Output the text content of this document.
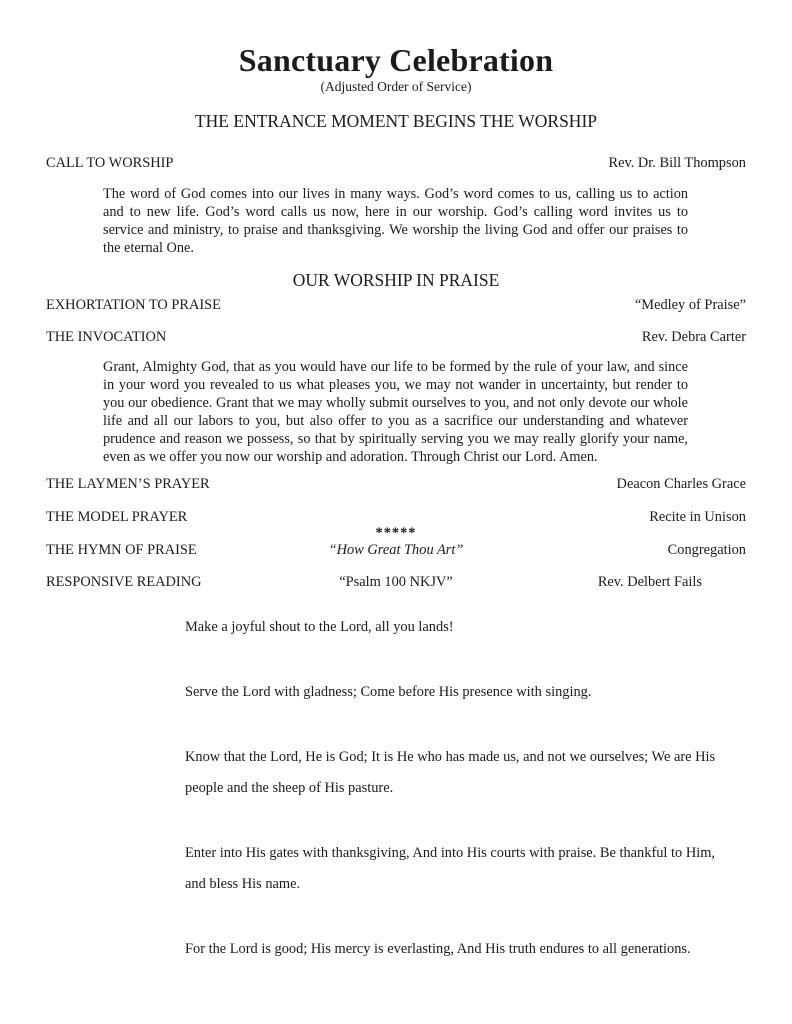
Sanctuary Celebration
(Adjusted Order of Service)
THE ENTRANCE MOMENT BEGINS THE WORSHIP
CALL TO WORSHIP	Rev. Dr. Bill Thompson
The word of God comes into our lives in many ways. God’s word comes to us, calling us to action and to new life. God’s word calls us now, here in our worship. God’s calling word invites us to service and ministry, to praise and thanksgiving. We worship the living God and offer our praises to the eternal One.
OUR WORSHIP IN PRAISE
EXHORTATION TO PRAISE	“Medley of Praise”
THE INVOCATION	Rev. Debra Carter
Grant, Almighty God, that as you would have our life to be formed by the rule of your law, and since in your word you revealed to us what pleases you, we may not wander in uncertainty, but render to you our obedience. Grant that we may wholly submit ourselves to you, and not only devote our whole life and all our labors to you, but also offer to you as a sacrifice our understanding and whatever prudence and reason we possess, so that by spiritually serving you we may really glorify your name, even as we offer you now our worship and adoration. Through Christ our Lord. Amen.
THE LAYMEN’S PRAYER	Deacon Charles Grace
THE MODEL PRAYER	Recite in Unison
*****
THE HYMN OF PRAISE	“How Great Thou Art”	Congregation
RESPONSIVE READING	“Psalm 100 NKJV”	Rev. Delbert Fails
Make a joyful shout to the Lord, all you lands!
Serve the Lord with gladness; Come before His presence with singing.
Know that the Lord, He is God; It is He who has made us, and not we ourselves; We are His
people and the sheep of His pasture.
Enter into His gates with thanksgiving, And into His courts with praise. Be thankful to Him,
and bless His name.
For the Lord is good; His mercy is everlasting, And His truth endures to all generations.
